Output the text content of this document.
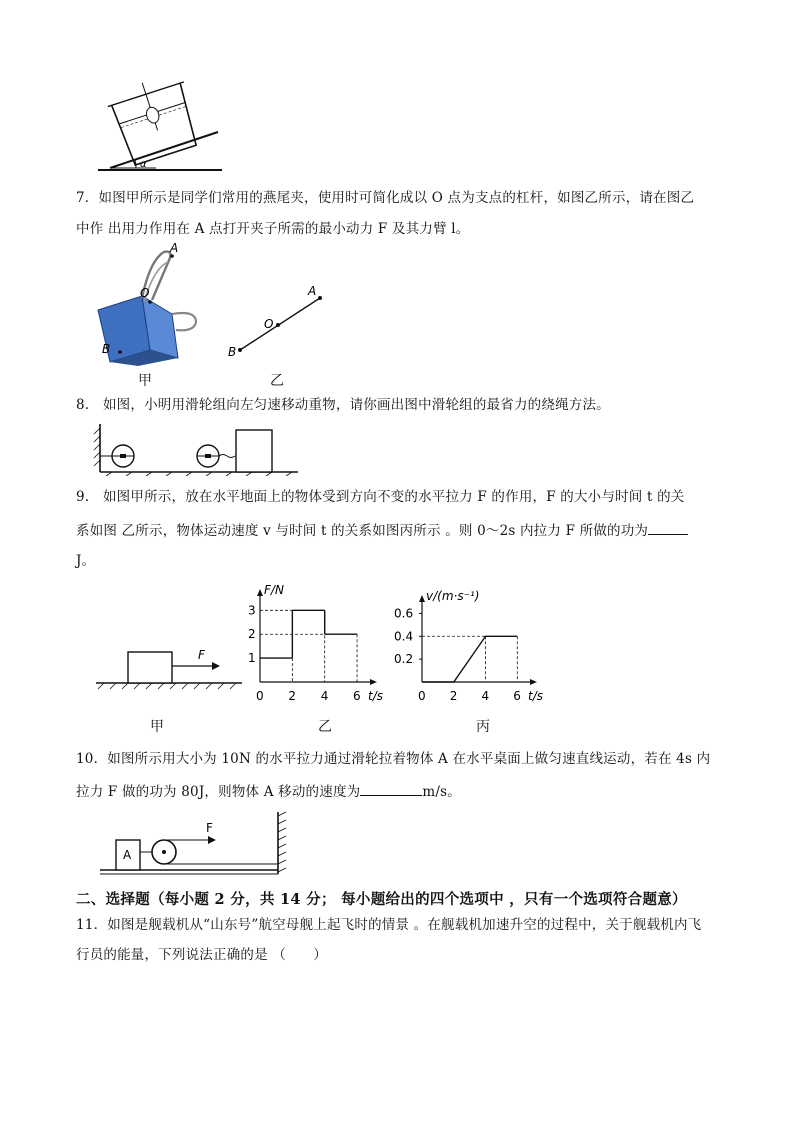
α
7．如图甲所示是同学们常用的燕尾夹，使用时可简化成以 O 点为支点的杠杆，如图乙所示，请在图乙
中作 出用力作用在 A 点打开夹子所需的最小动力 F 及其力臂 l。
A
O
B
甲
B
O
A
乙
8.　如图，小明用滑轮组向左匀速移动重物，请你画出图中滑轮组的最省力的绕绳方法。
9.　如图甲所示，放在水平地面上的物体受到方向不变的水平拉力 F 的作用，F 的大小与时间 t 的关
系如图 乙所示，物体运动速度 v 与时间 t 的关系如图丙所示 。则 0～2s 内拉力 F 所做的功为
J。
F
甲
t/s
F/N
0 2 4 6
1
2
3
乙
t/s
v/(m·s⁻¹)
0 2 4 6
0.2
0.4
0.6
丙
10．如图所示用大小为 10N 的水平拉力通过滑轮拉着物体 A 在水平桌面上做匀速直线运动，若在 4s 内
拉力 F 做的功为 80J，则物体 A 移动的速度为	m/s。
A
F
二、选择题（每小题 2 分，共 14 分； 每小题给出的四个选项中 ，只有一个选项符合题意）
11．如图是舰载机从“山东号”航空母舰上起飞时的情景 。在舰载机加速升空的过程中，关于舰载机内飞
行员的能量，下列说法正确的是 （　　）
